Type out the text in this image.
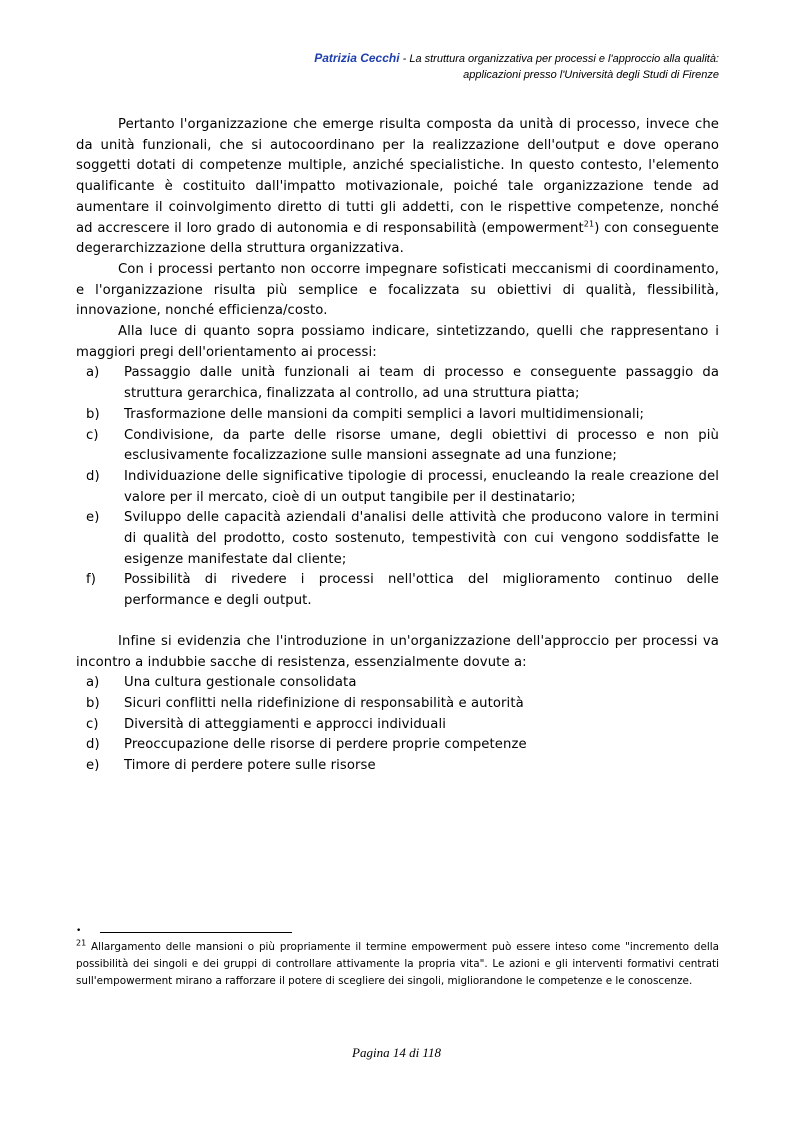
Patrizia Cecchi - La struttura organizzativa per processi e l'approccio alla qualità:
applicazioni presso l'Università degli Studi di Firenze

Pertanto l'organizzazione che emerge risulta composta da unità di processo, invece che da unità funzionali, che si autocoordinano per la realizzazione dell'output e dove operano soggetti dotati di competenze multiple, anziché specialistiche. In questo contesto, l'elemento qualificante è costituito dall'impatto motivazionale, poiché tale organizzazione tende ad aumentare il coinvolgimento diretto di tutti gli addetti, con le rispettive competenze, nonché ad accrescere il loro grado di autonomia e di responsabilità (empowerment$^{21}$) con conseguente degerarchizzazione della struttura organizzativa.

Con i processi pertanto non occorre impegnare sofisticati meccanismi di coordinamento, e l'organizzazione risulta più semplice e focalizzata su obiettivi di qualità, flessibilità, innovazione, nonché efficienza/costo.

Alla luce di quanto sopra possiamo indicare, sintetizzando, quelli che rappresentano i maggiori pregi dell'orientamento ai processi:

a) Passaggio dalle unità funzionali ai team di processo e conseguente passaggio da struttura gerarchica, finalizzata al controllo, ad una struttura piatta;
b) Trasformazione delle mansioni da compiti semplici a lavori multidimensionali;
c) Condivisione, da parte delle risorse umane, degli obiettivi di processo e non più esclusivamente focalizzazione sulle mansioni assegnate ad una funzione;
d) Individuazione delle significative tipologie di processi, enucleando la reale creazione del valore per il mercato, cioè di un output tangibile per il destinatario;
e) Sviluppo delle capacità aziendali d'analisi delle attività che producono valore in termini di qualità del prodotto, costo sostenuto, tempestività con cui vengono soddisfatte le esigenze manifestate dal cliente;
f) Possibilità di rivedere i processi nell'ottica del miglioramento continuo delle performance e degli output.

Infine si evidenzia che l'introduzione in un'organizzazione dell'approccio per processi va incontro a indubbie sacche di resistenza, essenzialmente dovute a:

a) Una cultura gestionale consolidata
b) Sicuri conflitti nella ridefinizione di responsabilità e autorità
c) Diversità di atteggiamenti e approcci individuali
d) Preoccupazione delle risorse di perdere proprie competenze
e) Timore di perdere potere sulle risorse
•

$^{21}$ Allargamento delle mansioni o più propriamente il termine empowerment può essere inteso come "incremento della possibilità dei singoli e dei gruppi di controllare attivamente la propria vita". Le azioni e gli interventi formativi centrati sull'empowerment mirano a rafforzare il potere di scegliere dei singoli, migliorandone le competenze e le conoscenze.

Pagina 14 di 118
